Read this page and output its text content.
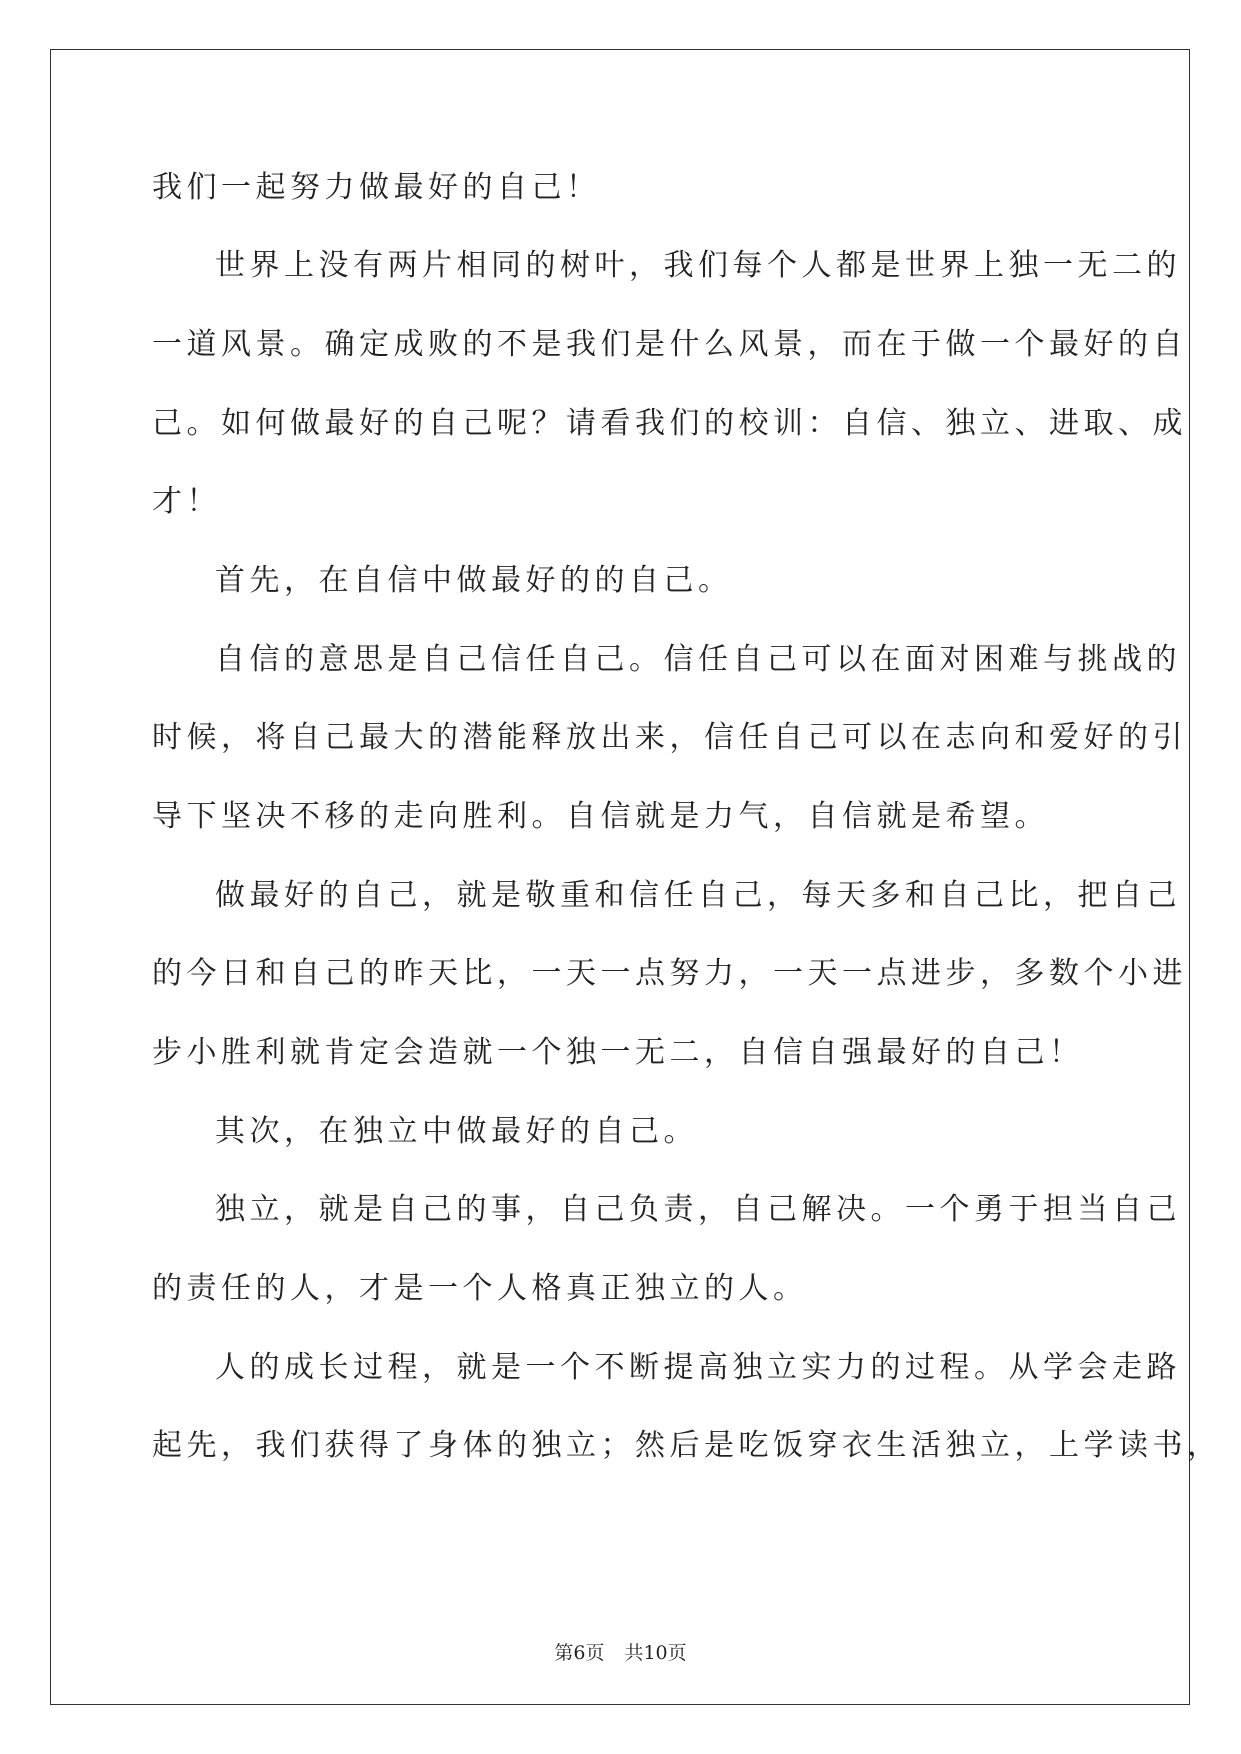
我们一起努力做最好的自己！
世界上没有两片相同的树叶，我们每个人都是世界上独一无二的
一道风景。确定成败的不是我们是什么风景，而在于做一个最好的自
己。如何做最好的自己呢？请看我们的校训：自信、独立、进取、成
才！
首先，在自信中做最好的的自己。
自信的意思是自己信任自己。信任自己可以在面对困难与挑战的
时候，将自己最大的潜能释放出来，信任自己可以在志向和爱好的引
导下坚决不移的走向胜利。自信就是力气，自信就是希望。
做最好的自己，就是敬重和信任自己，每天多和自己比，把自己
的今日和自己的昨天比，一天一点努力，一天一点进步，多数个小进
步小胜利就肯定会造就一个独一无二，自信自强最好的自己！
其次，在独立中做最好的自己。
独立，就是自己的事，自己负责，自己解决。一个勇于担当自己
的责任的人，才是一个人格真正独立的人。
人的成长过程，就是一个不断提高独立实力的过程。从学会走路
起先，我们获得了身体的独立；然后是吃饭穿衣生活独立，上学读书，
第6页 共10页
